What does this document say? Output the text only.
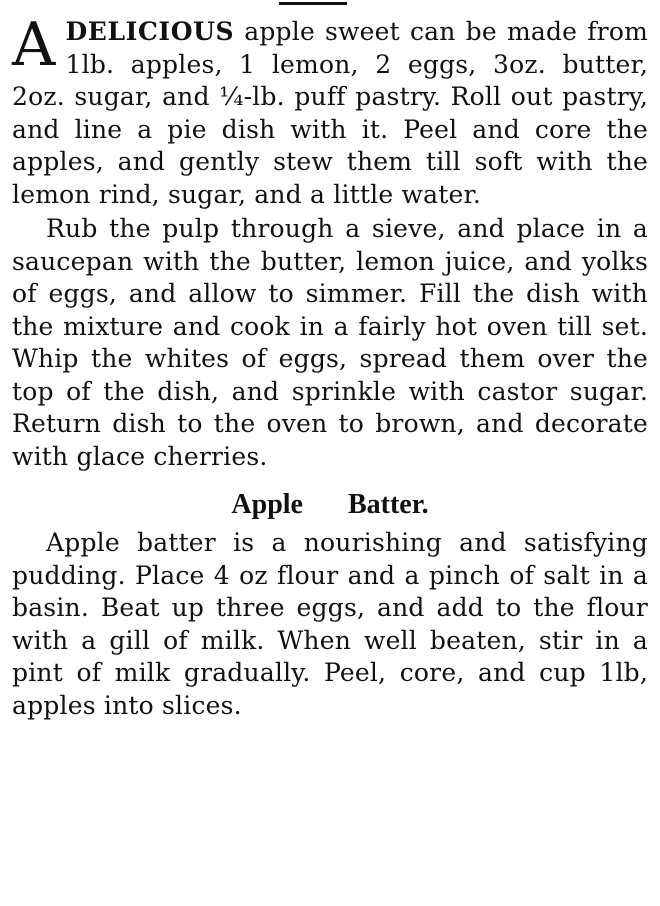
ADELICIOUS apple sweet can be made from 1lb. apples, 1 lemon, 2 eggs, 3oz. butter, 2oz. sugar, and ¼-lb. puff pastry. Roll out pastry, and line a pie dish with it. Peel and core the apples, and gently stew them till soft with the lemon rind, sugar, and a little water.

Rub the pulp through a sieve, and place in a saucepan with the butter, lemon juice, and yolks of eggs, and allow to simmer. Fill the dish with the mixture and cook in a fairly hot oven till set. Whip the whites of eggs, spread them over the top of the dish, and sprinkle with castor sugar. Return dish to the oven to brown, and decorate with glace cherries.

Apple Batter.

Apple batter is a nourishing and satisfying pudding. Place 4 oz flour and a pinch of salt in a basin. Beat up three eggs, and add to the flour with a gill of milk. When well beaten, stir in a pint of milk gradually. Peel, core, and cup 1lb, apples into slices.
